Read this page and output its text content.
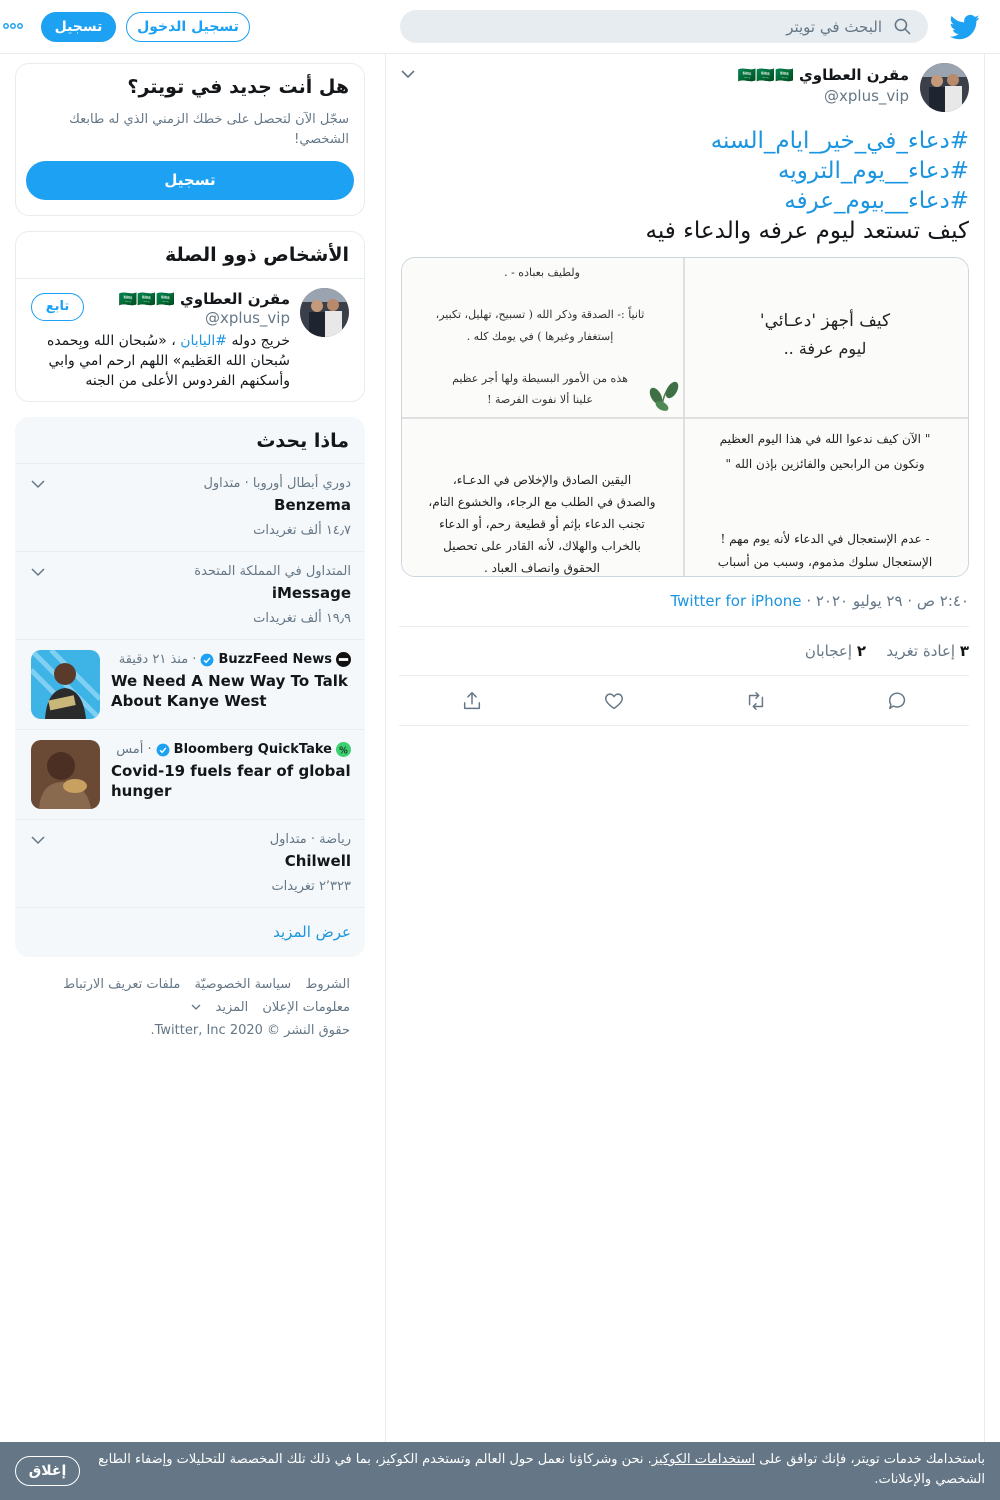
البحث في تويتر
تسجيل الدخول
تسجيل
مقرن العطاوي 🇸🇦🇸🇦🇸🇦
@xplus_vip
#دعاء_في_خير_ايام_السنه
#دعاء__يوم_الترويه
#دعاء__بيوم_عرفه
كيف تستعد ليوم عرفه والدعاء فيه
كيف أجهز 'دعـائي'
ليوم عرفة ..
ولطيف بعباده - .
ثانياً :- الصدقة وذكر الله ( تسبيح، تهليل، تكبير،
إستغفار وغيرها ) في يومك كله .
هذه من الأمور البسيطة ولها أجر عظيم
علينا ألا نفوت الفرصة !
" الآن كيف ندعوا الله في هذا اليوم العظيم
ونكون من الرابحين والفائزين بإذن الله "
- عدم الإستعجال في الدعاء لأنه يوم مهم !
الإستعجال سلوك مذموم، وسبب من أسباب
اليقين الصادق والإخلاص في الدعـاء،
والصدق في الطلب مع الرجاء، والخشوع التام،
تجنب الدعاء بإثم أو قطيعة رحم، أو الدعاء
بالخراب والهلاك، لأنه القادر على تحصيل
الحقوق وانصاف العباد .
٢:٤٠ ص · ٢٩ يوليو ٢٠٢٠ · Twitter for iPhone
٣ إعادة تغريد
٢ إعجابان
هل أنت جديد في تويتر؟
سجّل الآن لتحصل على خطك الزمني الذي له طابعك الشخصي!
تسجيل
الأشخاص ذوو الصلة
مقرن العطاوي 🇸🇦🇸🇦🇸🇦
@xplus_vip
تابع
خريج دوله #اليابان ، «سُبحان الله وبِحمده سُبحان الله العَظيم» اللهم ارحم امي وابي وأسكنهم الفردوس الأعلى من الجنه
ماذا يحدث
دوري أبطال أوروبا · متداول
Benzema
١٤٫٧ ألف تغريدات
المتداول في المملكة المتحدة
iMessage
١٩٫٩ ألف تغريدات
BuzzFeed News
· منذ ٢١ دقيقة
We Need A New Way To Talk About Kanye West
%
Bloomberg QuickTake
· أمس
Covid-19 fuels fear of global hunger
رياضة · متداول
Chilwell
٢٬٣٢٣ تغريدات
عرض المزيد
الشروط سياسة الخصوصيّة ملفات تعريف الارتباط
معلومات الإعلان المزيد
حقوق النشر © Twitter, Inc 2020.
باستخدامك خدمات تويتر، فإنك توافق على استخدامات الكوكيز. نحن وشركاؤنا نعمل حول العالم وتستخدم الكوكيز، بما في ذلك تلك المخصصة للتحليلات وإضفاء الطابع الشخصي والإعلانات.
إغلاق
